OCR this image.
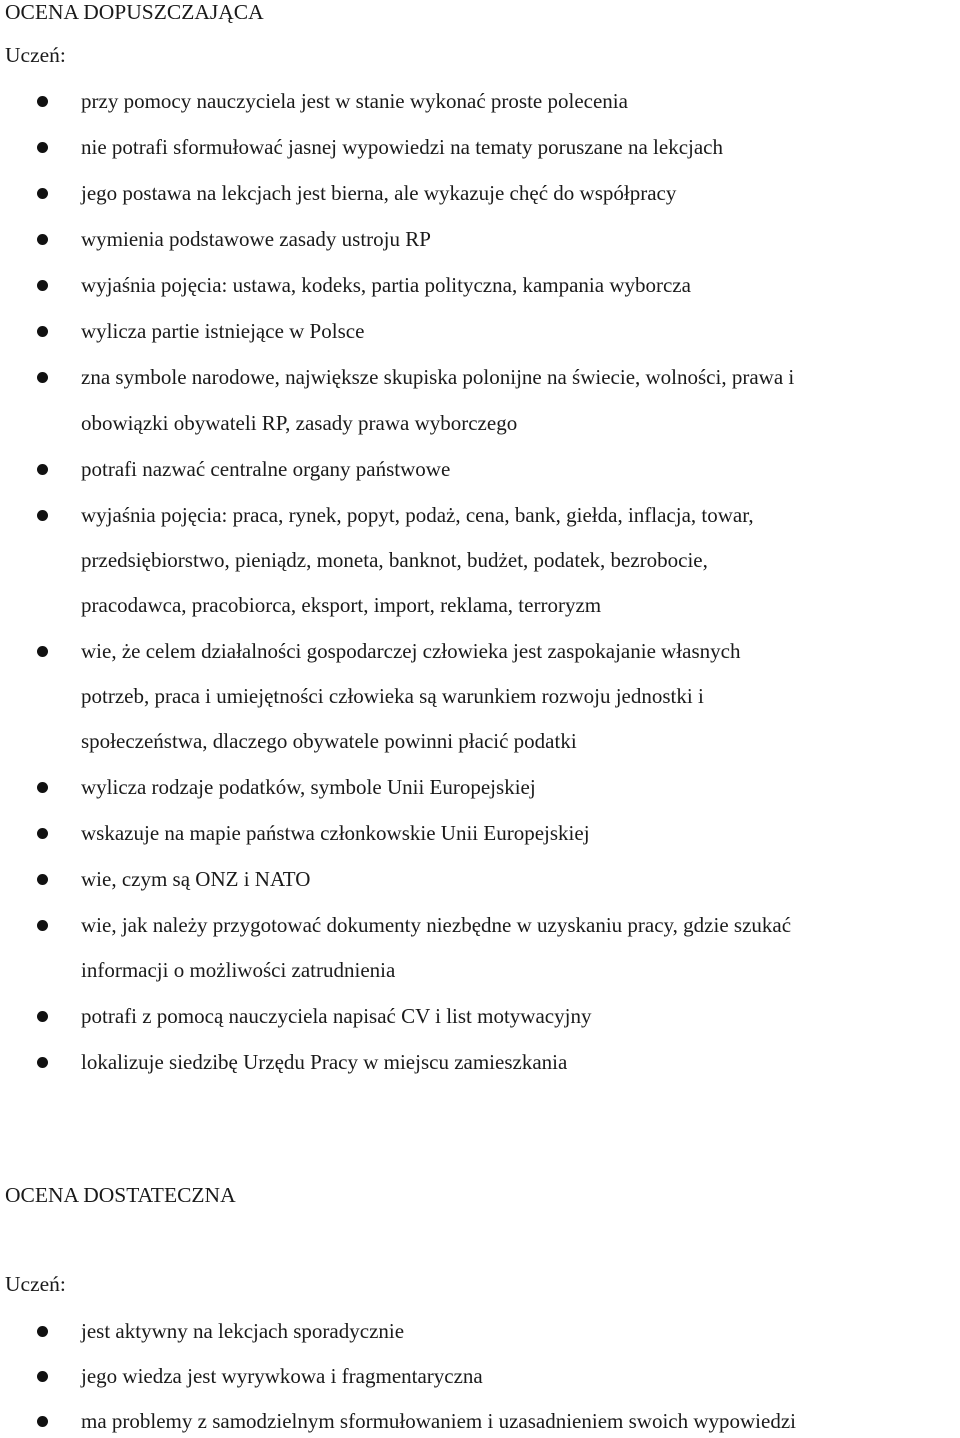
OCENA DOPUSZCZAJĄCA
Uczeń:
przy pomocy nauczyciela jest w stanie wykonać proste polecenia
nie potrafi sformułować jasnej wypowiedzi na tematy poruszane na lekcjach
jego postawa na lekcjach jest bierna, ale wykazuje chęć do współpracy
wymienia podstawowe zasady ustroju RP
wyjaśnia pojęcia: ustawa, kodeks, partia polityczna, kampania wyborcza
wylicza partie istniejące w Polsce
zna symbole narodowe, największe skupiska polonijne na świecie, wolności, prawa i
obowiązki obywateli RP, zasady prawa wyborczego
potrafi nazwać centralne organy państwowe
wyjaśnia pojęcia: praca, rynek, popyt, podaż, cena, bank, giełda, inflacja, towar,
przedsiębiorstwo, pieniądz, moneta, banknot, budżet, podatek, bezrobocie,
pracodawca, pracobiorca, eksport, import, reklama, terroryzm
wie, że celem działalności gospodarczej człowieka jest zaspokajanie własnych
potrzeb, praca i umiejętności człowieka są warunkiem rozwoju jednostki i
społeczeństwa, dlaczego obywatele powinni płacić podatki
wylicza rodzaje podatków, symbole Unii Europejskiej
wskazuje na mapie państwa członkowskie Unii Europejskiej
wie, czym są ONZ i NATO
wie, jak należy przygotować dokumenty niezbędne w uzyskaniu pracy, gdzie szukać
informacji o możliwości zatrudnienia
potrafi z pomocą nauczyciela napisać CV i list motywacyjny
lokalizuje siedzibę Urzędu Pracy w miejscu zamieszkania
OCENA DOSTATECZNA
Uczeń:
jest aktywny na lekcjach sporadycznie
jego wiedza jest wyrywkowa i fragmentaryczna
ma problemy z samodzielnym sformułowaniem i uzasadnieniem swoich wypowiedzi
